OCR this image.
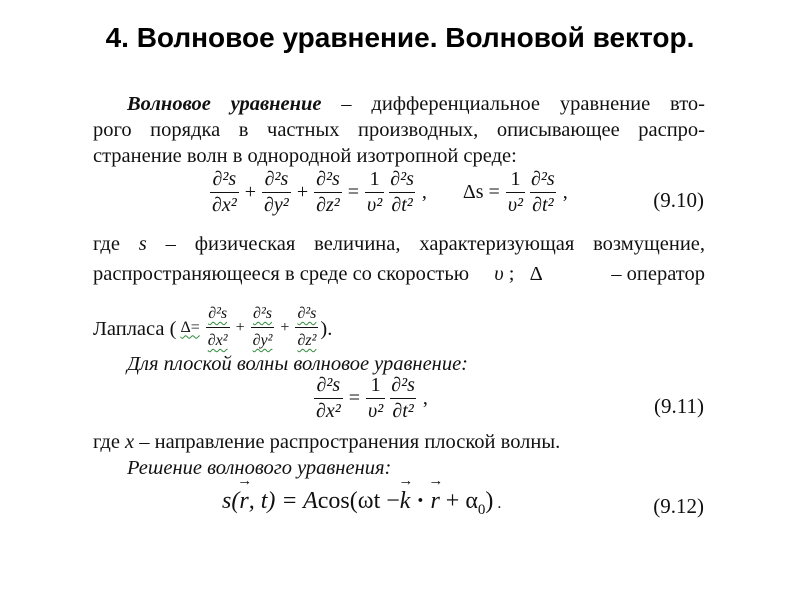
4. Волновое уравнение. Волновой вектор.
Волновое уравнение – дифференциальное уравнение вто-
рого порядка в частных производных, описывающее распро-
странение волн в однородной изотропной среде:
$\frac{\text{∂²s}}{\text{∂x²}} + \frac{\text{∂²s}}{\text{∂y²}} + \frac{\text{∂²s}}{\text{∂z²}} = \frac{1}{\text{υ²}} \frac{\text{∂²s}}{\text{∂t²}}$ , $\Delta s = \frac{1}{\text{υ²}} \frac{\text{∂²s}}{\text{∂t²}}$ ,	(9.10)
где s – физическая величина, характеризующая возмущение,
распространяющееся в среде со скоростью υ ; Δ	– оператор
Лапласа ( $\Delta= \frac{\text{∂²s}}{\text{∂x²}} + \frac{\text{∂²s}}{\text{∂y²}} + \frac{\text{∂²s}}{\text{∂z²}}$ ).
Для плоской волны волновое уравнение:
$\frac{\text{∂²s}}{\text{∂x²}} = \frac{1}{\text{υ²}} \frac{\text{∂²s}}{\text{∂t²}}$ ,	(9.11)
где x – направление распространения плоской волны.
Решение волнового уравнения:
s(→ r, t) = Acos(ωt −→ k · → $r + \alpha_0$) .	(9.12)
